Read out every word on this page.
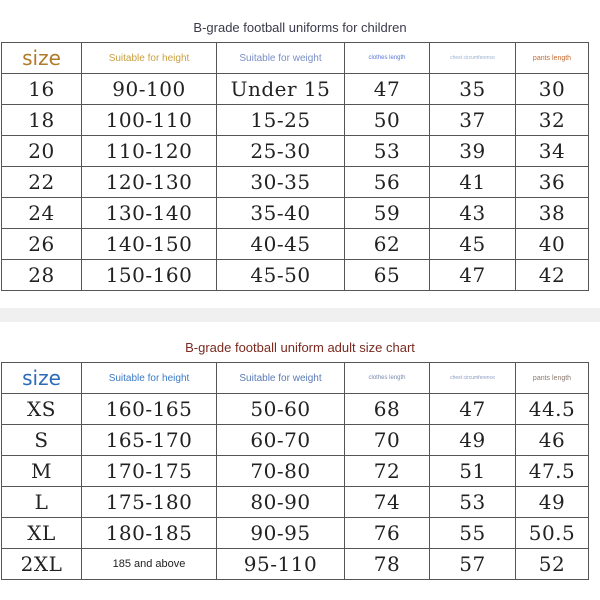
B-grade football uniforms for children
size	Suitable for height	Suitable for weight	clothes length	chest circumference	pants length
16	90-100	Under 15	47	35	30
18	100-110	15-25	50	37	32
20	110-120	25-30	53	39	34
22	120-130	30-35	56	41	36
24	130-140	35-40	59	43	38
26	140-150	40-45	62	45	40
28	150-160	45-50	65	47	42
B-grade football uniform adult size chart
size	Suitable for height	Suitable for weight	clothes length	chest circumference	pants length
XS	160-165	50-60	68	47	44.5
S	165-170	60-70	70	49	46
M	170-175	70-80	72	51	47.5
L	175-180	80-90	74	53	49
XL	180-185	90-95	76	55	50.5
2XL	185 and above	95-110	78	57	52
